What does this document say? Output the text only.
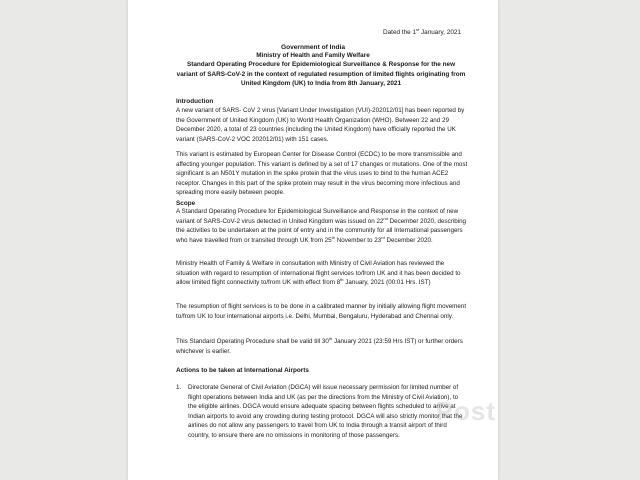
Dated the 1st January, 2021
Government of India
Ministry of Health and Family Welfare
Standard Operating Procedure for Epidemiological Surveillance & Response for the new variant of SARS-CoV-2 in the context of regulated resumption of limited flights originating from United Kingdom (UK) to India from 8th January, 2021
Introduction
A new variant of SARS- CoV 2 virus [Variant Under Investigation (VUI)-202012/01] has been reported by the Government of United Kingdom (UK) to World Health Organization (WHO). Between 22 and 29 December 2020, a total of 23 countries (including the United Kingdom) have officially reported the UK variant (SARS-CoV-2 VOC 202012/01) with 151 cases.
This variant is estimated by European Center for Disease Control (ECDC) to be more transmissible and affecting younger population. This variant is defined by a set of 17 changes or mutations. One of the most significant is an N501Y mutation in the spike protein that the virus uses to bind to the human ACE2 receptor. Changes in this part of the spike protein may result in the virus becoming more infectious and spreading more easily between people.
Scope
A Standard Operating Procedure for Epidemiological Surveillance and Response in the context of new variant of SARS-CoV-2 virus detected in United Kingdom was issued on 22nd December 2020, describing the activities to be undertaken at the point of entry and in the community for all International passengers who have travelled from or transited through UK from 25th November to 23rd December 2020.
Ministry Health of Family & Welfare in consultation with Ministry of Civil Aviation has reviewed the situation with regard to resumption of international flight services to/from UK and it has been decided to allow limited flight connectivity to/from UK with effect from 8th January, 2021 (00:01 Hrs. IST)
The resumption of flight services is to be done in a calibrated manner by initially allowing flight movement to/from UK to four international airports i.e. Delhi, Mumbai, Bengaluru, Hyderabad and Chennai only.
This Standard Operating Procedure shall be valid till 30th January 2021 (23:59 Hrs IST) or further orders whichever is earlier.
Actions to be taken at International Airports
1. Directorate General of Civil Aviation (DGCA) will issue necessary permission for limited number of flight operations between India and UK (as per the directions from the Ministry of Civil Aviation), to the eligible airlines. DGCA would ensure adequate spacing between flights scheduled to arrive at Indian airports to avoid any crowding during testing protocol. DGCA will also strictly monitor that the airlines do not allow any passengers to travel from UK to India through a transit airport of third country, to ensure there are no omissions in monitoring of those passengers.
Post
